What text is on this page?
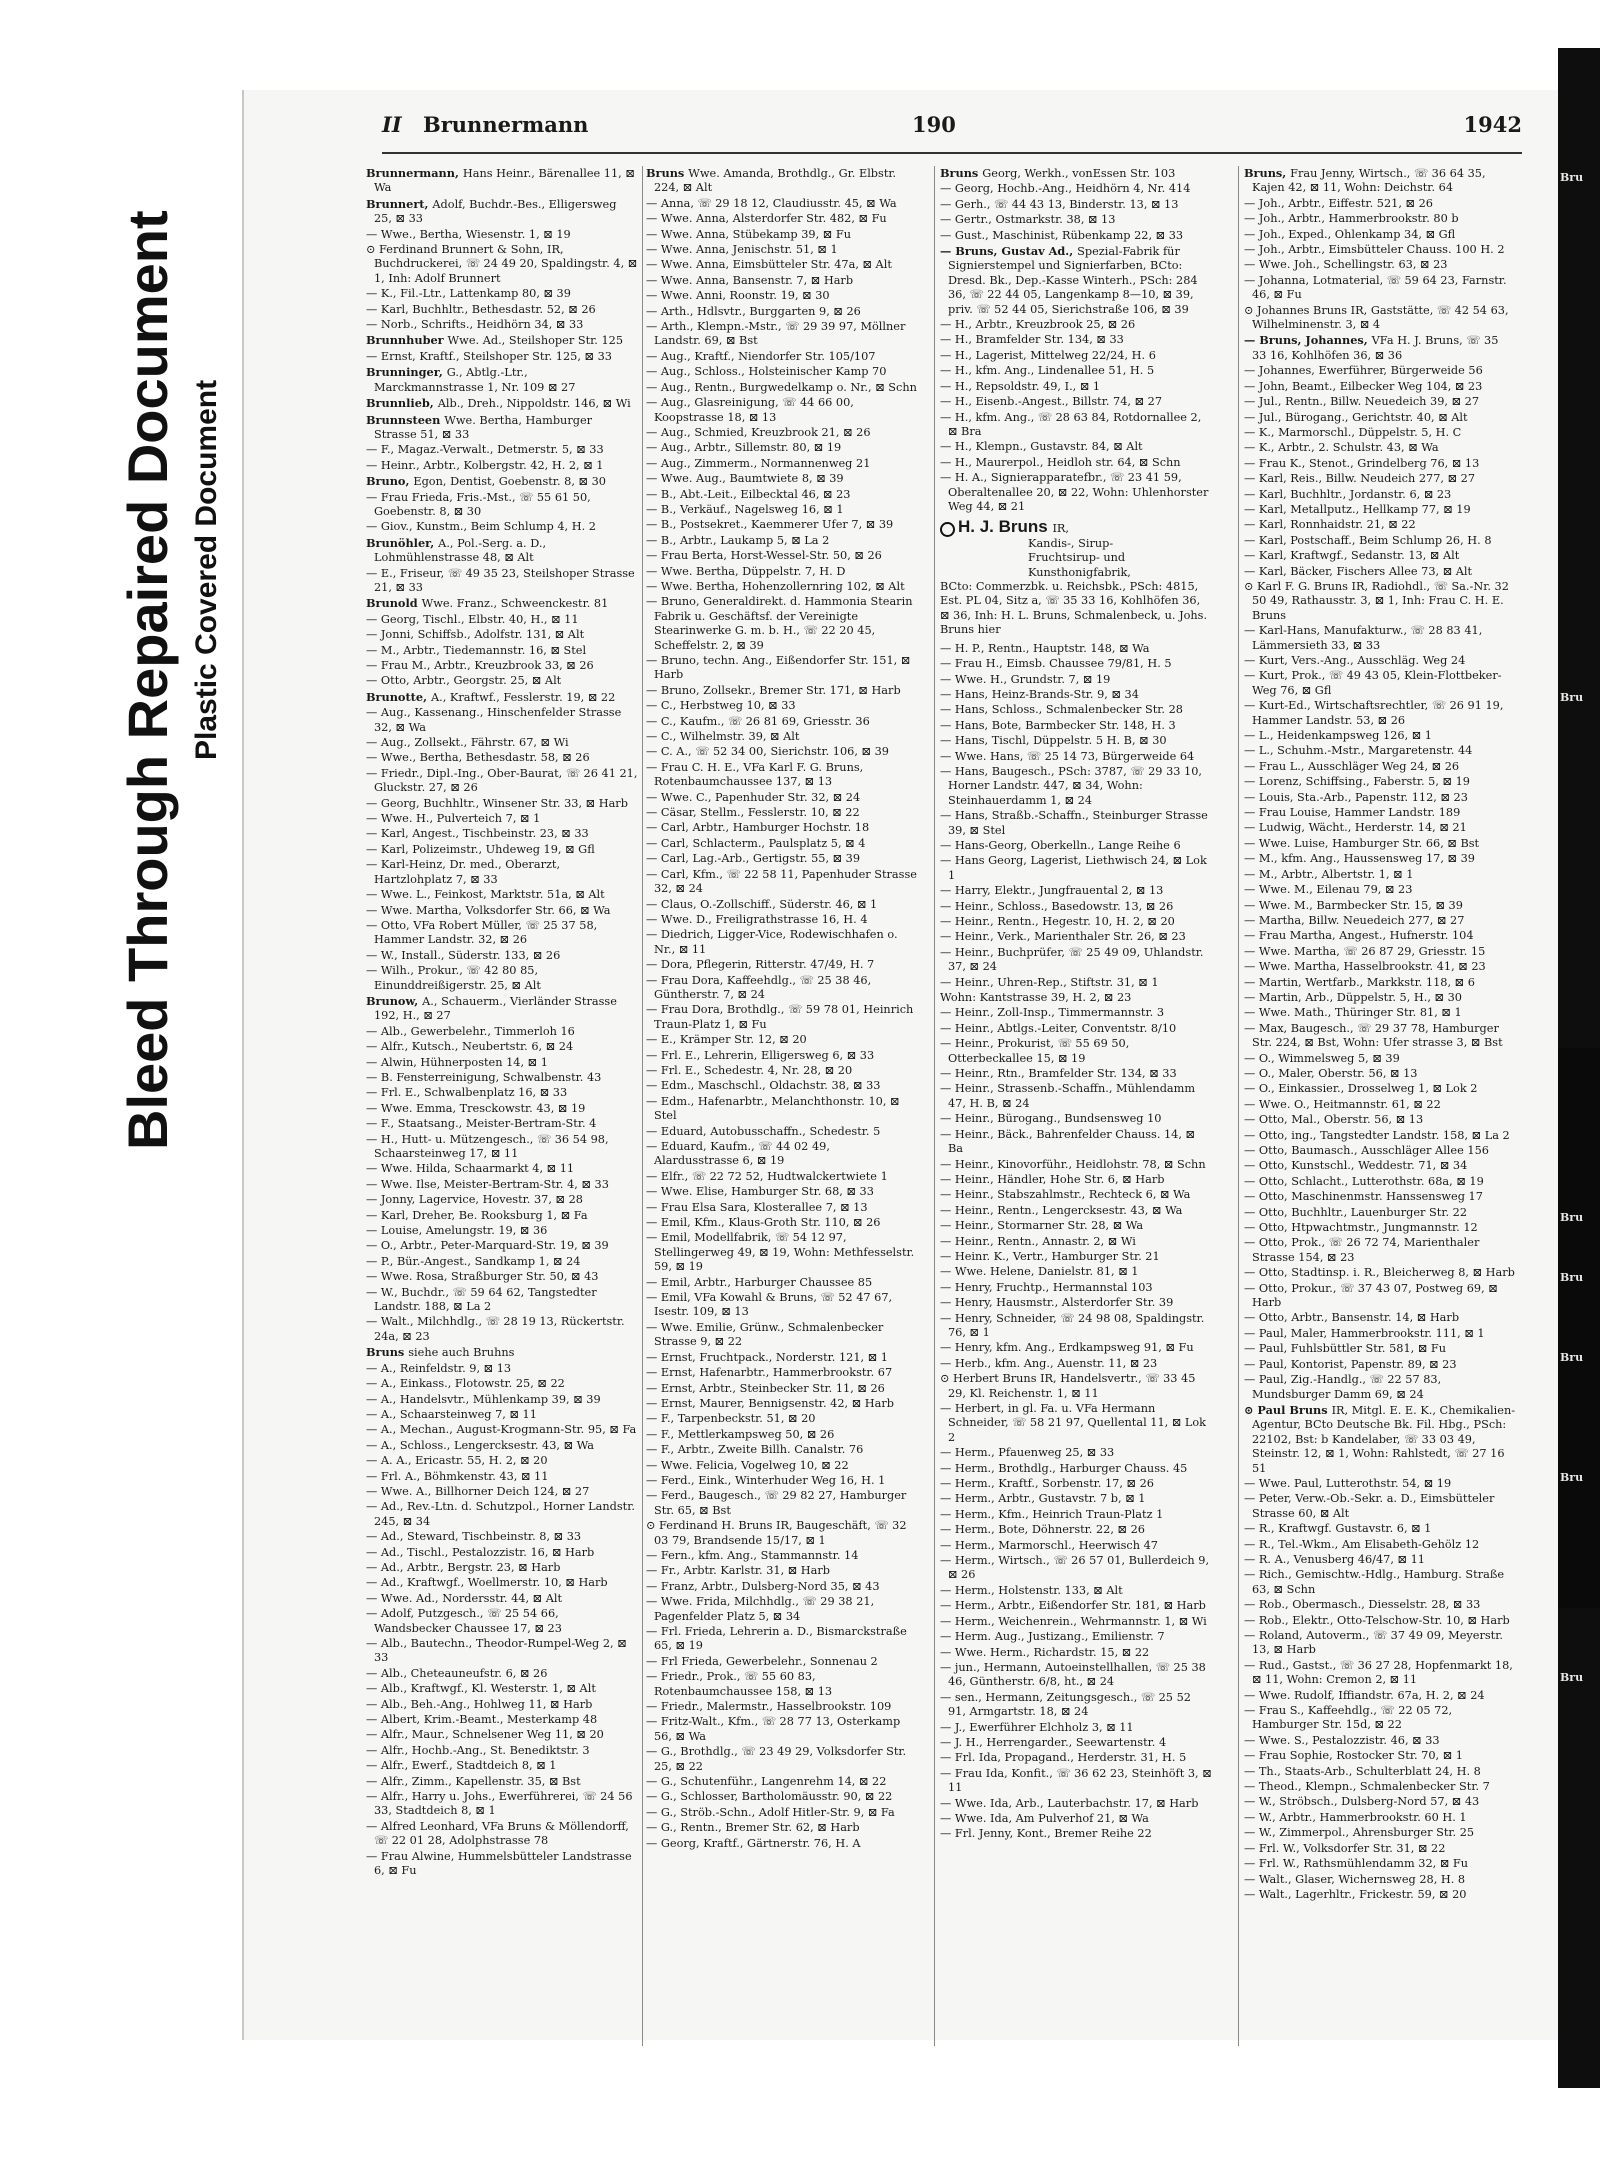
Bleed Through Repaired Document Plastic Covered Document
Bru
Bru
Bru
Bru
Bru
Bru
Bru
II Brunnermann	190	1942
Brunnermann, Hans Heinr., Bärenallee 11, ⊠ Wa
Brunnert, Adolf, Buchdr.-Bes., Elligersweg 25, ⊠ 33
— Wwe., Bertha, Wiesenstr. 1, ⊠ 19
⊙ Ferdinand Brunnert & Sohn, IR, Buchdruckerei, ☏ 24 49 20, Spaldingstr. 4, ⊠ 1, Inh: Adolf Brunnert
— K., Fil.-Ltr., Lattenkamp 80, ⊠ 39
— Karl, Buchhltr., Bethesdastr. 52, ⊠ 26
— Norb., Schrifts., Heidhörn 34, ⊠ 33
Brunnhuber Wwe. Ad., Steilshoper Str. 125
— Ernst, Kraftf., Steilshoper Str. 125, ⊠ 33
Brunninger, G., Abtlg.-Ltr., Marckmannstrasse 1, Nr. 109 ⊠ 27
Brunnlieb, Alb., Dreh., Nippoldstr. 146, ⊠ Wi
Brunnsteen Wwe. Bertha, Hamburger Strasse 51, ⊠ 33
— F., Magaz.-Verwalt., Detmerstr. 5, ⊠ 33
— Heinr., Arbtr., Kolbergstr. 42, H. 2, ⊠ 1
Bruno, Egon, Dentist, Goebenstr. 8, ⊠ 30
— Frau Frieda, Fris.-Mst., ☏ 55 61 50, Goebenstr. 8, ⊠ 30
— Giov., Kunstm., Beim Schlump 4, H. 2
Brunöhler, A., Pol.-Serg. a. D., Lohmühlenstrasse 48, ⊠ Alt
— E., Friseur, ☏ 49 35 23, Steilshoper Strasse 21, ⊠ 33
Brunold Wwe. Franz., Schweenckestr. 81
— Georg, Tischl., Elbstr. 40, H., ⊠ 11
— Jonni, Schiffsb., Adolfstr. 131, ⊠ Alt
— M., Arbtr., Tiedemannstr. 16, ⊠ Stel
— Frau M., Arbtr., Kreuzbrook 33, ⊠ 26
— Otto, Arbtr., Georgstr. 25, ⊠ Alt
Brunotte, A., Kraftwf., Fesslerstr. 19, ⊠ 22
— Aug., Kassenang., Hinschenfelder Strasse 32, ⊠ Wa
— Aug., Zollsekt., Fährstr. 67, ⊠ Wi
— Wwe., Bertha, Bethesdastr. 58, ⊠ 26
— Friedr., Dipl.-Ing., Ober-Baurat, ☏ 26 41 21, Gluckstr. 27, ⊠ 26
— Georg, Buchhltr., Winsener Str. 33, ⊠ Harb
— Wwe. H., Pulverteich 7, ⊠ 1
— Karl, Angest., Tischbeinstr. 23, ⊠ 33
— Karl, Polizeimstr., Uhdeweg 19, ⊠ Gfl
— Karl-Heinz, Dr. med., Oberarzt, Hartzlohplatz 7, ⊠ 33
— Wwe. L., Feinkost, Marktstr. 51a, ⊠ Alt
— Wwe. Martha, Volksdorfer Str. 66, ⊠ Wa
— Otto, VFa Robert Müller, ☏ 25 37 58, Hammer Landstr. 32, ⊠ 26
— W., Install., Süderstr. 133, ⊠ 26
— Wilh., Prokur., ☏ 42 80 85, Einunddreißigerstr. 25, ⊠ Alt
Brunow, A., Schauerm., Vierländer Strasse 192, H., ⊠ 27
— Alb., Gewerbelehr., Timmerloh 16
— Alfr., Kutsch., Neubertstr. 6, ⊠ 24
— Alwin, Hühnerposten 14, ⊠ 1
— B. Fensterreinigung, Schwalbenstr. 43
— Frl. E., Schwalbenplatz 16, ⊠ 33
— Wwe. Emma, Tresckowstr. 43, ⊠ 19
— F., Staatsang., Meister-Bertram-Str. 4
— H., Hutt- u. Mützengesch., ☏ 36 54 98, Schaarsteinweg 17, ⊠ 11
— Wwe. Hilda, Schaarmarkt 4, ⊠ 11
— Wwe. Ilse, Meister-Bertram-Str. 4, ⊠ 33
— Jonny, Lagervice, Hovestr. 37, ⊠ 28
— Karl, Dreher, Be. Rooksburg 1, ⊠ Fa
— Louise, Amelungstr. 19, ⊠ 36
— O., Arbtr., Peter-Marquard-Str. 19, ⊠ 39
— P., Bür.-Angest., Sandkamp 1, ⊠ 24
— Wwe. Rosa, Straßburger Str. 50, ⊠ 43
— W., Buchdr., ☏ 59 64 62, Tangstedter Landstr. 188, ⊠ La 2
— Walt., Milchhdlg., ☏ 28 19 13, Rückertstr. 24a, ⊠ 23
Bruns siehe auch Bruhns
— A., Reinfeldstr. 9, ⊠ 13
— A., Einkass., Flotowstr. 25, ⊠ 22
— A., Handelsvtr., Mühlenkamp 39, ⊠ 39
— A., Schaarsteinweg 7, ⊠ 11
— A., Mechan., August-Krogmann-Str. 95, ⊠ Fa
— A., Schloss., Lengercksestr. 43, ⊠ Wa
— A. A., Ericastr. 55, H. 2, ⊠ 20
— Frl. A., Böhmkenstr. 43, ⊠ 11
— Wwe. A., Billhorner Deich 124, ⊠ 27
— Ad., Rev.-Ltn. d. Schutzpol., Horner Landstr. 245, ⊠ 34
— Ad., Steward, Tischbeinstr. 8, ⊠ 33
— Ad., Tischl., Pestalozzistr. 16, ⊠ Harb
— Ad., Arbtr., Bergstr. 23, ⊠ Harb
— Ad., Kraftwgf., Woellmerstr. 10, ⊠ Harb
— Wwe. Ad., Nordersstr. 44, ⊠ Alt
— Adolf, Putzgesch., ☏ 25 54 66, Wandsbecker Chaussee 17, ⊠ 23
— Alb., Bautechn., Theodor-Rumpel-Weg 2, ⊠ 33
— Alb., Cheteauneufstr. 6, ⊠ 26
— Alb., Kraftwgf., Kl. Westerstr. 1, ⊠ Alt
— Alb., Beh.-Ang., Hohlweg 11, ⊠ Harb
— Albert, Krim.-Beamt., Mesterkamp 48
— Alfr., Maur., Schnelsener Weg 11, ⊠ 20
— Alfr., Hochb.-Ang., St. Benediktstr. 3
— Alfr., Ewerf., Stadtdeich 8, ⊠ 1
— Alfr., Zimm., Kapellenstr. 35, ⊠ Bst
— Alfr., Harry u. Johs., Ewerführerei, ☏ 24 56 33, Stadtdeich 8, ⊠ 1
— Alfred Leonhard, VFa Bruns & Möllendorff, ☏ 22 01 28, Adolphstrasse 78
— Frau Alwine, Hummelsbütteler Landstrasse 6, ⊠ Fu
Bruns Wwe. Amanda, Brothdlg., Gr. Elbstr. 224, ⊠ Alt
— Anna, ☏ 29 18 12, Claudiusstr. 45, ⊠ Wa
— Wwe. Anna, Alsterdorfer Str. 482, ⊠ Fu
— Wwe. Anna, Stübekamp 39, ⊠ Fu
— Wwe. Anna, Jenischstr. 51, ⊠ 1
— Wwe. Anna, Eimsbütteler Str. 47a, ⊠ Alt
— Wwe. Anna, Bansenstr. 7, ⊠ Harb
— Wwe. Anni, Roonstr. 19, ⊠ 30
— Arth., Hdlsvtr., Burggarten 9, ⊠ 26
— Arth., Klempn.-Mstr., ☏ 29 39 97, Möllner Landstr. 69, ⊠ Bst
— Aug., Kraftf., Niendorfer Str. 105/107
— Aug., Schloss., Holsteinischer Kamp 70
— Aug., Rentn., Burgwedelkamp o. Nr., ⊠ Schn
— Aug., Glasreinigung, ☏ 44 66 00, Koopstrasse 18, ⊠ 13
— Aug., Schmied, Kreuzbrook 21, ⊠ 26
— Aug., Arbtr., Sillemstr. 80, ⊠ 19
— Aug., Zimmerm., Normannenweg 21
— Wwe. Aug., Baumtwiete 8, ⊠ 39
— B., Abt.-Leit., Eilbecktal 46, ⊠ 23
— B., Verkäuf., Nagelsweg 16, ⊠ 1
— B., Postsekret., Kaemmerer Ufer 7, ⊠ 39
— B., Arbtr., Laukamp 5, ⊠ La 2
— Frau Berta, Horst-Wessel-Str. 50, ⊠ 26
— Wwe. Bertha, Düppelstr. 7, H. D
— Wwe. Bertha, Hohenzollernring 102, ⊠ Alt
— Bruno, Generaldirekt. d. Hammonia Stearin Fabrik u. Geschäftsf. der Vereinigte Stearinwerke G. m. b. H., ☏ 22 20 45, Scheffelstr. 2, ⊠ 39
— Bruno, techn. Ang., Eißendorfer Str. 151, ⊠ Harb
— Bruno, Zollsekr., Bremer Str. 171, ⊠ Harb
— C., Herbstweg 10, ⊠ 33
— C., Kaufm., ☏ 26 81 69, Griesstr. 36
— C., Wilhelmstr. 39, ⊠ Alt
— C. A., ☏ 52 34 00, Sierichstr. 106, ⊠ 39
— Frau C. H. E., VFa Karl F. G. Bruns, Rotenbaumchaussee 137, ⊠ 13
— Wwe. C., Papenhuder Str. 32, ⊠ 24
— Cäsar, Stellm., Fesslerstr. 10, ⊠ 22
— Carl, Arbtr., Hamburger Hochstr. 18
— Carl, Schlacterm., Paulsplatz 5, ⊠ 4
— Carl, Lag.-Arb., Gertigstr. 55, ⊠ 39
— Carl, Kfm., ☏ 22 58 11, Papenhuder Strasse 32, ⊠ 24
— Claus, O.-Zollschiff., Süderstr. 46, ⊠ 1
— Wwe. D., Freiligrathstrasse 16, H. 4
— Diedrich, Ligger-Vice, Rodewischhafen o. Nr., ⊠ 11
— Dora, Pflegerin, Ritterstr. 47/49, H. 7
— Frau Dora, Kaffeehdlg., ☏ 25 38 46, Güntherstr. 7, ⊠ 24
— Frau Dora, Brothdlg., ☏ 59 78 01, Heinrich Traun-Platz 1, ⊠ Fu
— E., Krämper Str. 12, ⊠ 20
— Frl. E., Lehrerin, Elligersweg 6, ⊠ 33
— Frl. E., Schedestr. 4, Nr. 28, ⊠ 20
— Edm., Maschschl., Oldachstr. 38, ⊠ 33
— Edm., Hafenarbtr., Melanchthonstr. 10, ⊠ Stel
— Eduard, Autobusschaffn., Schedestr. 5
— Eduard, Kaufm., ☏ 44 02 49, Alardusstrasse 6, ⊠ 19
— Elfr., ☏ 22 72 52, Hudtwalckertwiete 1
— Wwe. Elise, Hamburger Str. 68, ⊠ 33
— Frau Elsa Sara, Klosterallee 7, ⊠ 13
— Emil, Kfm., Klaus-Groth Str. 110, ⊠ 26
— Emil, Modellfabrik, ☏ 54 12 97, Stellingerweg 49, ⊠ 19, Wohn: Methfesselstr. 59, ⊠ 19
— Emil, Arbtr., Harburger Chaussee 85
— Emil, VFa Kowahl & Bruns, ☏ 52 47 67, Isestr. 109, ⊠ 13
— Wwe. Emilie, Grünw., Schmalenbecker Strasse 9, ⊠ 22
— Ernst, Fruchtpack., Norderstr. 121, ⊠ 1
— Ernst, Hafenarbtr., Hammerbrookstr. 67
— Ernst, Arbtr., Steinbecker Str. 11, ⊠ 26
— Ernst, Maurer, Bennigsenstr. 42, ⊠ Harb
— F., Tarpenbeckstr. 51, ⊠ 20
— F., Mettlerkampsweg 50, ⊠ 26
— F., Arbtr., Zweite Billh. Canalstr. 76
— Wwe. Felicia, Vogelweg 10, ⊠ 22
— Ferd., Eink., Winterhuder Weg 16, H. 1
— Ferd., Baugesch., ☏ 29 82 27, Hamburger Str. 65, ⊠ Bst
⊙ Ferdinand H. Bruns IR, Baugeschäft, ☏ 32 03 79, Brandsende 15/17, ⊠ 1
— Fern., kfm. Ang., Stammannstr. 14
— Fr., Arbtr. Karlstr. 31, ⊠ Harb
— Franz, Arbtr., Dulsberg-Nord 35, ⊠ 43
— Wwe. Frida, Milchhdlg., ☏ 29 38 21, Pagenfelder Platz 5, ⊠ 34
— Frl. Frieda, Lehrerin a. D., Bismarckstraße 65, ⊠ 19
— Frl Frieda, Gewerbelehr., Sonnenau 2
— Friedr., Prok., ☏ 55 60 83, Rotenbaumchaussee 158, ⊠ 13
— Friedr., Malermstr., Hasselbrookstr. 109
— Fritz-Walt., Kfm., ☏ 28 77 13, Osterkamp 56, ⊠ Wa
— G., Brothdlg., ☏ 23 49 29, Volksdorfer Str. 25, ⊠ 22
— G., Schutenführ., Langenrehm 14, ⊠ 22
— G., Schlosser, Bartholomäusstr. 90, ⊠ 22
— G., Ströb.-Schn., Adolf Hitler-Str. 9, ⊠ Fa
— G., Rentn., Bremer Str. 62, ⊠ Harb
— Georg, Kraftf., Gärtnerstr. 76, H. A
Bruns Georg, Werkh., vonEssen Str. 103
— Georg, Hochb.-Ang., Heidhörn 4, Nr. 414
— Gerh., ☏ 44 43 13, Binderstr. 13, ⊠ 13
— Gertr., Ostmarkstr. 38, ⊠ 13
— Gust., Maschinist, Rübenkamp 22, ⊠ 33
— Bruns, Gustav Ad., Spezial-Fabrik für Signierstempel und Signierfarben, BCto: Dresd. Bk., Dep.-Kasse Winterh., PSch: 284 36, ☏ 22 44 05, Langenkamp 8—10, ⊠ 39, priv. ☏ 52 44 05, Sierichstraße 106, ⊠ 39
— H., Arbtr., Kreuzbrook 25, ⊠ 26
— H., Bramfelder Str. 134, ⊠ 33
— H., Lagerist, Mittelweg 22/24, H. 6
— H., kfm. Ang., Lindenallee 51, H. 5
— H., Repsoldstr. 49, I., ⊠ 1
— H., Eisenb.-Angest., Billstr. 74, ⊠ 27
— H., kfm. Ang., ☏ 28 63 84, Rotdornallee 2, ⊠ Bra
— H., Klempn., Gustavstr. 84, ⊠ Alt
— H., Maurerpol., Heidloh str. 64, ⊠ Schn
— H. A., Signierapparatefbr., ☏ 23 41 59, Oberaltenallee 20, ⊠ 22, Wohn: Uhlenhorster Weg 44, ⊠ 21
H. J. Bruns IR,
Kandis-, Sirup-
Fruchtsirup- und
Kunsthonigfabrik,
BCto: Commerzbk. u. Reichsbk., PSch: 4815, Est. PL 04, Sitz a, ☏ 35 33 16, Kohlhöfen 36, ⊠ 36, Inh: H. L. Bruns, Schmalenbeck, u. Johs. Bruns hier
— H. P., Rentn., Hauptstr. 148, ⊠ Wa
— Frau H., Eimsb. Chaussee 79/81, H. 5
— Wwe. H., Grundstr. 7, ⊠ 19
— Hans, Heinz-Brands-Str. 9, ⊠ 34
— Hans, Schloss., Schmalenbecker Str. 28
— Hans, Bote, Barmbecker Str. 148, H. 3
— Hans, Tischl, Düppelstr. 5 H. B, ⊠ 30
— Wwe. Hans, ☏ 25 14 73, Bürgerweide 64
— Hans, Baugesch., PSch: 3787, ☏ 29 33 10, Horner Landstr. 447, ⊠ 34, Wohn: Steinhauerdamm 1, ⊠ 24
— Hans, Straßb.-Schaffn., Steinburger Strasse 39, ⊠ Stel
— Hans-Georg, Oberkelln., Lange Reihe 6
— Hans Georg, Lagerist, Liethwisch 24, ⊠ Lok 1
— Harry, Elektr., Jungfrauental 2, ⊠ 13
— Heinr., Schloss., Basedowstr. 13, ⊠ 26
— Heinr., Rentn., Hegestr. 10, H. 2, ⊠ 20
— Heinr., Verk., Marienthaler Str. 26, ⊠ 23
— Heinr., Buchprüfer, ☏ 25 49 09, Uhlandstr. 37, ⊠ 24
— Heinr., Uhren-Rep., Stiftstr. 31, ⊠ 1
Wohn: Kantstrasse 39, H. 2, ⊠ 23
— Heinr., Zoll-Insp., Timmermannstr. 3
— Heinr., Abtlgs.-Leiter, Conventstr. 8/10
— Heinr., Prokurist, ☏ 55 69 50, Otterbeckallee 15, ⊠ 19
— Heinr., Rtn., Bramfelder Str. 134, ⊠ 33
— Heinr., Strassenb.-Schaffn., Mühlendamm 47, H. B, ⊠ 24
— Heinr., Bürogang., Bundsensweg 10
— Heinr., Bäck., Bahrenfelder Chauss. 14, ⊠ Ba
— Heinr., Kinovorführ., Heidlohstr. 78, ⊠ Schn
— Heinr., Händler, Hohe Str. 6, ⊠ Harb
— Heinr., Stabszahlmstr., Rechteck 6, ⊠ Wa
— Heinr., Rentn., Lengercksestr. 43, ⊠ Wa
— Heinr., Stormarner Str. 28, ⊠ Wa
— Heinr., Rentn., Annastr. 2, ⊠ Wi
— Heinr. K., Vertr., Hamburger Str. 21
— Wwe. Helene, Danielstr. 81, ⊠ 1
— Henry, Fruchtp., Hermannstal 103
— Henry, Hausmstr., Alsterdorfer Str. 39
— Henry, Schneider, ☏ 24 98 08, Spaldingstr. 76, ⊠ 1
— Henry, kfm. Ang., Erdkampsweg 91, ⊠ Fu
— Herb., kfm. Ang., Auenstr. 11, ⊠ 23
⊙ Herbert Bruns IR, Handelsvertr., ☏ 33 45 29, Kl. Reichenstr. 1, ⊠ 11
— Herbert, in gl. Fa. u. VFa Hermann Schneider, ☏ 58 21 97, Quellental 11, ⊠ Lok 2
— Herm., Pfauenweg 25, ⊠ 33
— Herm., Brothdlg., Harburger Chauss. 45
— Herm., Kraftf., Sorbenstr. 17, ⊠ 26
— Herm., Arbtr., Gustavstr. 7 b, ⊠ 1
— Herm., Kfm., Heinrich Traun-Platz 1
— Herm., Bote, Döhnerstr. 22, ⊠ 26
— Herm., Marmorschl., Heerwisch 47
— Herm., Wirtsch., ☏ 26 57 01, Bullerdeich 9, ⊠ 26
— Herm., Holstenstr. 133, ⊠ Alt
— Herm., Arbtr., Eißendorfer Str. 181, ⊠ Harb
— Herm., Weichenrein., Wehrmannstr. 1, ⊠ Wi
— Herm. Aug., Justizang., Emilienstr. 7
— Wwe. Herm., Richardstr. 15, ⊠ 22
— jun., Hermann, Autoeinstellhallen, ☏ 25 38 46, Güntherstr. 6/8, ht., ⊠ 24
— sen., Hermann, Zeitungsgesch., ☏ 25 52 91, Armgartstr. 18, ⊠ 24
— J., Ewerführer Elchholz 3, ⊠ 11
— J. H., Herrengarder., Seewartenstr. 4
— Frl. Ida, Propagand., Herderstr. 31, H. 5
— Frau Ida, Konfit., ☏ 36 62 23, Steinhöft 3, ⊠ 11
— Wwe. Ida, Arb., Lauterbachstr. 17, ⊠ Harb
— Wwe. Ida, Am Pulverhof 21, ⊠ Wa
— Frl. Jenny, Kont., Bremer Reihe 22
Bruns, Frau Jenny, Wirtsch., ☏ 36 64 35, Kajen 42, ⊠ 11, Wohn: Deichstr. 64
— Joh., Arbtr., Eiffestr. 521, ⊠ 26
— Joh., Arbtr., Hammerbrookstr. 80 b
— Joh., Exped., Ohlenkamp 34, ⊠ Gfl
— Joh., Arbtr., Eimsbütteler Chauss. 100 H. 2
— Wwe. Joh., Schellingstr. 63, ⊠ 23
— Johanna, Lotmaterial, ☏ 59 64 23, Farnstr. 46, ⊠ Fu
⊙ Johannes Bruns IR, Gaststätte, ☏ 42 54 63, Wilhelminenstr. 3, ⊠ 4
— Bruns, Johannes, VFa H. J. Bruns, ☏ 35 33 16, Kohlhöfen 36, ⊠ 36
— Johannes, Ewerführer, Bürgerweide 56
— John, Beamt., Eilbecker Weg 104, ⊠ 23
— Jul., Rentn., Billw. Neuedeich 39, ⊠ 27
— Jul., Bürogang., Gerichtstr. 40, ⊠ Alt
— K., Marmorschl., Düppelstr. 5, H. C
— K., Arbtr., 2. Schulstr. 43, ⊠ Wa
— Frau K., Stenot., Grindelberg 76, ⊠ 13
— Karl, Reis., Billw. Neudeich 277, ⊠ 27
— Karl, Buchhltr., Jordanstr. 6, ⊠ 23
— Karl, Metallputz., Hellkamp 77, ⊠ 19
— Karl, Ronnhaidstr. 21, ⊠ 22
— Karl, Postschaff., Beim Schlump 26, H. 8
— Karl, Kraftwgf., Sedanstr. 13, ⊠ Alt
— Karl, Bäcker, Fischers Allee 73, ⊠ Alt
⊙ Karl F. G. Bruns IR, Radiohdl., ☏ Sa.-Nr. 32 50 49, Rathausstr. 3, ⊠ 1, Inh: Frau C. H. E. Bruns
— Karl-Hans, Manufakturw., ☏ 28 83 41, Lämmersieth 33, ⊠ 33
— Kurt, Vers.-Ang., Ausschläg. Weg 24
— Kurt, Prok., ☏ 49 43 05, Klein-Flottbeker-Weg 76, ⊠ Gfl
— Kurt-Ed., Wirtschaftsrechtler, ☏ 26 91 19, Hammer Landstr. 53, ⊠ 26
— L., Heidenkampsweg 126, ⊠ 1
— L., Schuhm.-Mstr., Margaretenstr. 44
— Frau L., Ausschläger Weg 24, ⊠ 26
— Lorenz, Schiffsing., Faberstr. 5, ⊠ 19
— Louis, Sta.-Arb., Papenstr. 112, ⊠ 23
— Frau Louise, Hammer Landstr. 189
— Ludwig, Wächt., Herderstr. 14, ⊠ 21
— Wwe. Luise, Hamburger Str. 66, ⊠ Bst
— M., kfm. Ang., Haussensweg 17, ⊠ 39
— M., Arbtr., Albertstr. 1, ⊠ 1
— Wwe. M., Eilenau 79, ⊠ 23
— Wwe. M., Barmbecker Str. 15, ⊠ 39
— Martha, Billw. Neuedeich 277, ⊠ 27
— Frau Martha, Angest., Hufnerstr. 104
— Wwe. Martha, ☏ 26 87 29, Griesstr. 15
— Wwe. Martha, Hasselbrookstr. 41, ⊠ 23
— Martin, Wertfarb., Markkstr. 118, ⊠ 6
— Martin, Arb., Düppelstr. 5, H., ⊠ 30
— Wwe. Math., Thüringer Str. 81, ⊠ 1
— Max, Baugesch., ☏ 29 37 78, Hamburger Str. 224, ⊠ Bst, Wohn: Ufer strasse 3, ⊠ Bst
— O., Wimmelsweg 5, ⊠ 39
— O., Maler, Oberstr. 56, ⊠ 13
— O., Einkassier., Drosselweg 1, ⊠ Lok 2
— Wwe. O., Heitmannstr. 61, ⊠ 22
— Otto, Mal., Oberstr. 56, ⊠ 13
— Otto, ing., Tangstedter Landstr. 158, ⊠ La 2
— Otto, Baumasch., Ausschläger Allee 156
— Otto, Kunstschl., Weddestr. 71, ⊠ 34
— Otto, Schlacht., Lutterothstr. 68a, ⊠ 19
— Otto, Maschinenmstr. Hanssensweg 17
— Otto, Buchhltr., Lauenburger Str. 22
— Otto, Htpwachtmstr., Jungmannstr. 12
— Otto, Prok., ☏ 26 72 74, Marienthaler Strasse 154, ⊠ 23
— Otto, Stadtinsp. i. R., Bleicherweg 8, ⊠ Harb
— Otto, Prokur., ☏ 37 43 07, Postweg 69, ⊠ Harb
— Otto, Arbtr., Bansenstr. 14, ⊠ Harb
— Paul, Maler, Hammerbrookstr. 111, ⊠ 1
— Paul, Fuhlsbüttler Str. 581, ⊠ Fu
— Paul, Kontorist, Papenstr. 89, ⊠ 23
— Paul, Zig.-Handlg., ☏ 22 57 83, Mundsburger Damm 69, ⊠ 24
⊙ Paul Bruns IR, Mitgl. E. E. K., Chemikalien-Agentur, BCto Deutsche Bk. Fil. Hbg., PSch: 22102, Bst: b Kandelaber, ☏ 33 03 49, Steinstr. 12, ⊠ 1, Wohn: Rahlstedt, ☏ 27 16 51
— Wwe. Paul, Lutterothstr. 54, ⊠ 19
— Peter, Verw.-Ob.-Sekr. a. D., Eimsbütteler Strasse 60, ⊠ Alt
— R., Kraftwgf. Gustavstr. 6, ⊠ 1
— R., Tel.-Wkm., Am Elisabeth-Gehölz 12
— R. A., Venusberg 46/47, ⊠ 11
— Rich., Gemischtw.-Hdlg., Hamburg. Straße 63, ⊠ Schn
— Rob., Obermasch., Diesselstr. 28, ⊠ 33
— Rob., Elektr., Otto-Telschow-Str. 10, ⊠ Harb
— Roland, Autoverm., ☏ 37 49 09, Meyerstr. 13, ⊠ Harb
— Rud., Gastst., ☏ 36 27 28, Hopfenmarkt 18, ⊠ 11, Wohn: Cremon 2, ⊠ 11
— Wwe. Rudolf, Iffiandstr. 67a, H. 2, ⊠ 24
— Frau S., Kaffeehdlg., ☏ 22 05 72, Hamburger Str. 15d, ⊠ 22
— Wwe. S., Pestalozzistr. 46, ⊠ 33
— Frau Sophie, Rostocker Str. 70, ⊠ 1
— Th., Staats-Arb., Schulterblatt 24, H. 8
— Theod., Klempn., Schmalenbecker Str. 7
— W., Ströbsch., Dulsberg-Nord 57, ⊠ 43
— W., Arbtr., Hammerbrookstr. 60 H. 1
— W., Zimmerpol., Ahrensburger Str. 25
— Frl. W., Volksdorfer Str. 31, ⊠ 22
— Frl. W., Rathsmühlendamm 32, ⊠ Fu
— Walt., Glaser, Wichernsweg 28, H. 8
— Walt., Lagerhltr., Frickestr. 59, ⊠ 20
